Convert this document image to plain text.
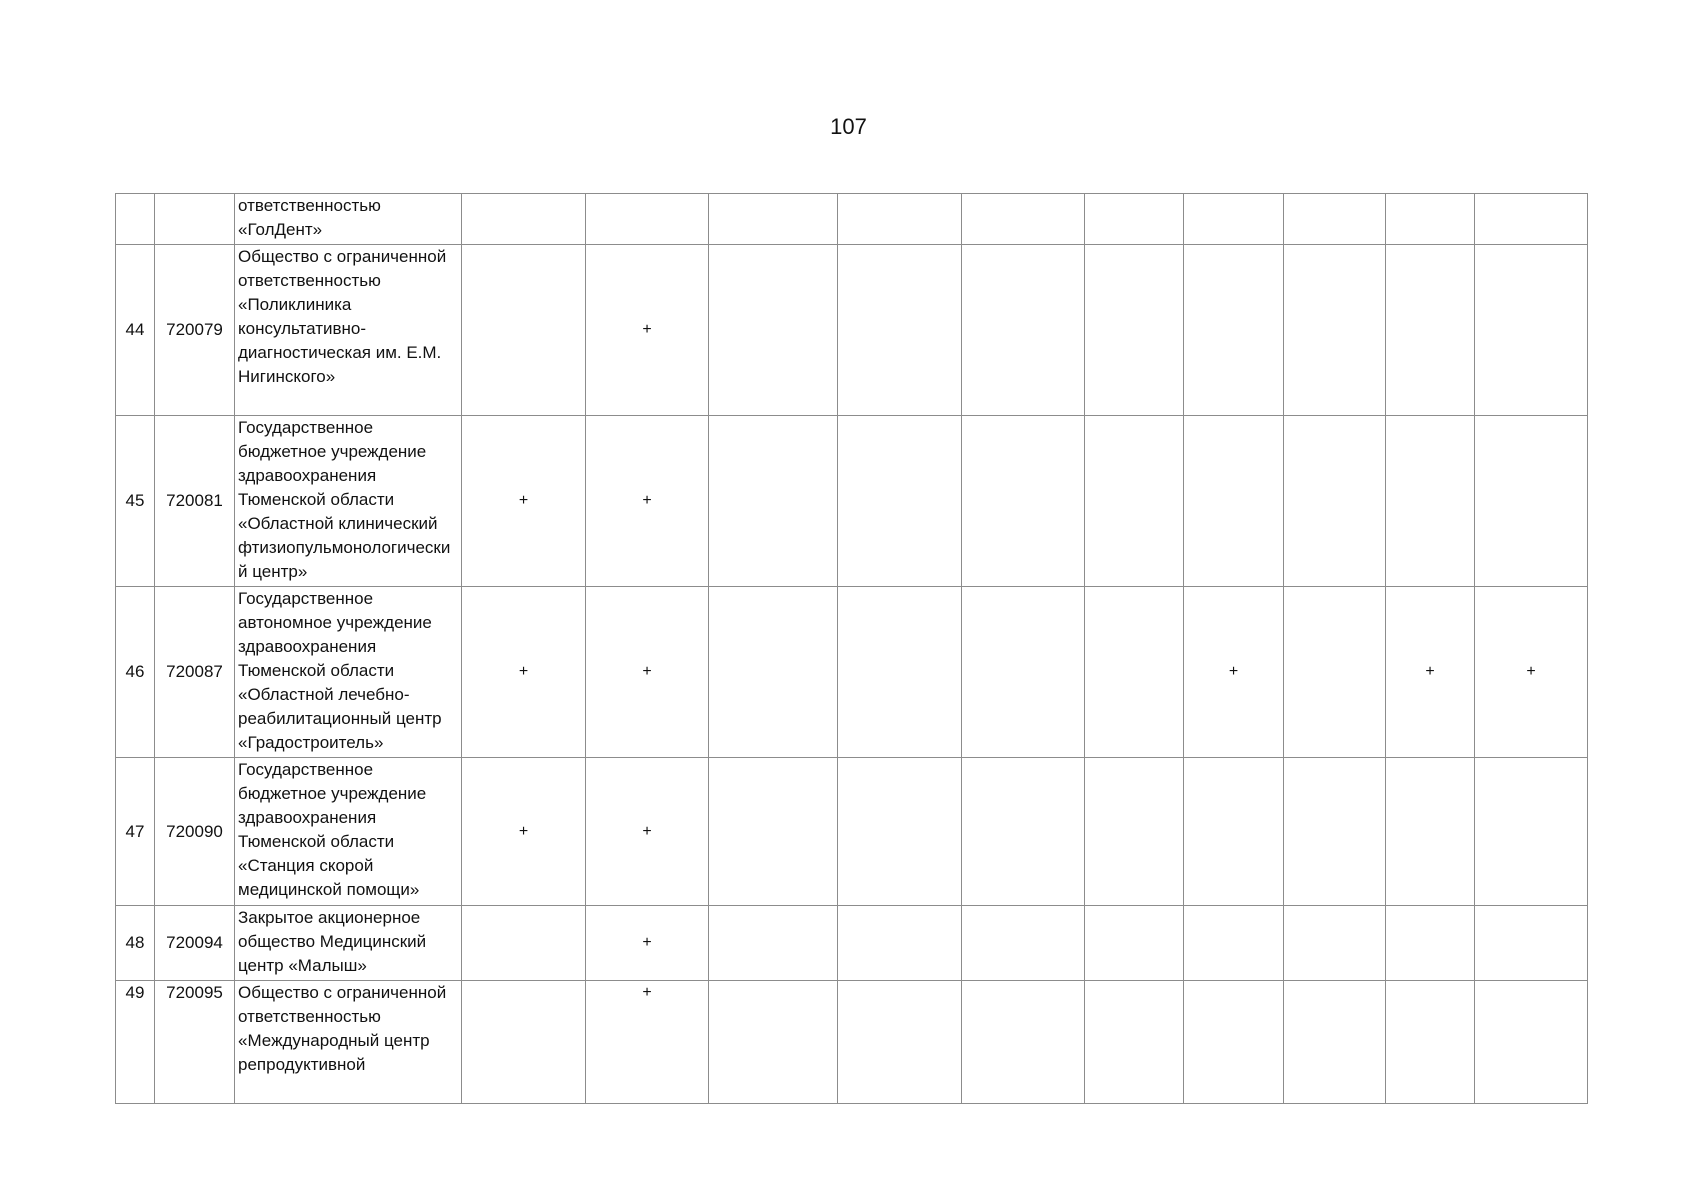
107
		ответственностью «ГолДент»										
44	720079	Общество с ограниченной ответственностью «Поликлиника консультативно-диагностическая им. Е.М. Нигинского»		+								
45	720081	Государственное бюджетное учреждение здравоохранения Тюменской области «Областной клинический фтизиопульмонологический центр»	+	+								
46	720087	Государственное автономное учреждение здравоохранения Тюменской области «Областной лечебно-реабилитационный центр «Градостроитель»	+	+					+		+	+
47	720090	Государственное бюджетное учреждение здравоохранения Тюменской области «Станция скорой медицинской помощи»	+	+								
48	720094	Закрытое акционерное общество Медицинский центр «Малыш»		+								
49	720095	Общество с ограниченной ответственностью «Международный центр репродуктивной		+								
